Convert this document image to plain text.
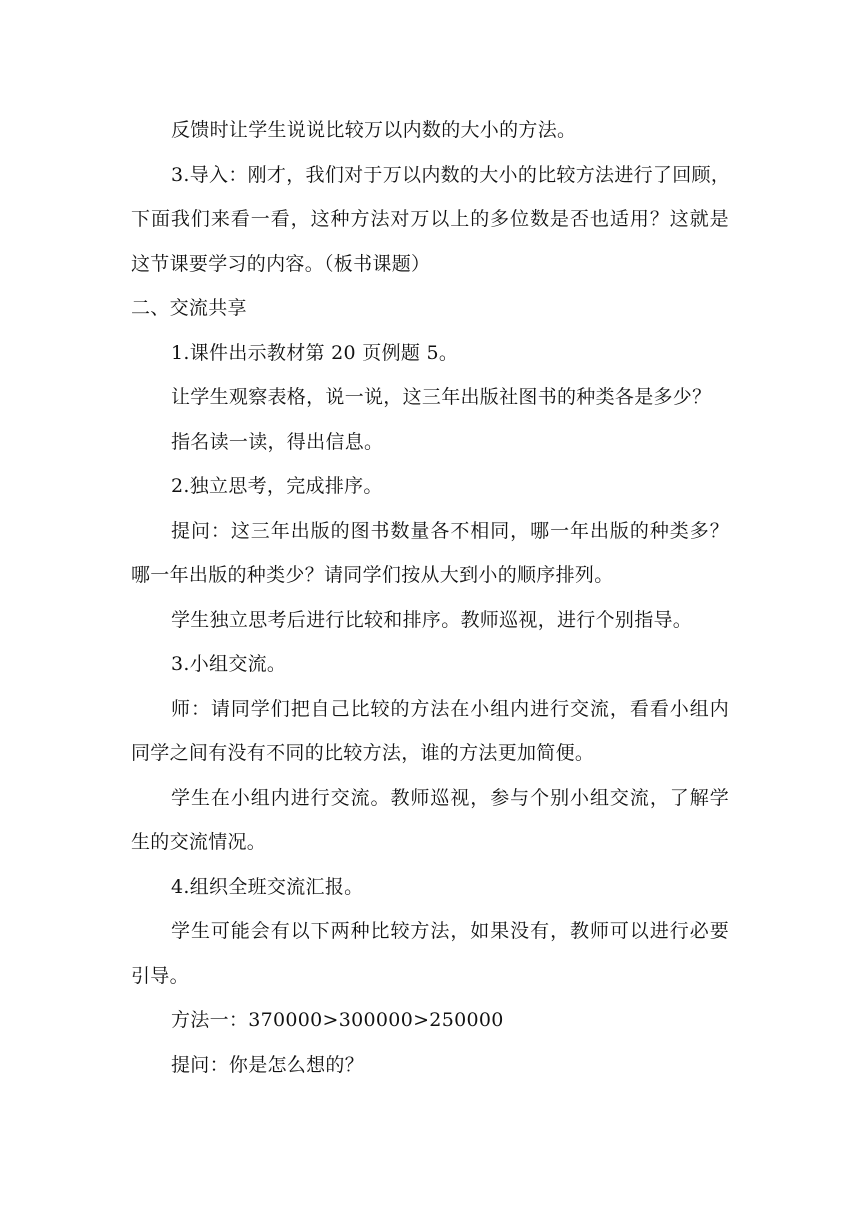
反馈时让学生说说比较万以内数的大小的方法。
3.导入：刚才，我们对于万以内数的大小的比较方法进行了回顾，
下面我们来看一看，这种方法对万以上的多位数是否也适用？这就是
这节课要学习的内容。（板书课题）
二、交流共享
1.课件出示教材第 20 页例题 5。
让学生观察表格，说一说，这三年出版社图书的种类各是多少？
指名读一读，得出信息。
2.独立思考，完成排序。
提问：这三年出版的图书数量各不相同，哪一年出版的种类多？
哪一年出版的种类少？请同学们按从大到小的顺序排列。
学生独立思考后进行比较和排序。教师巡视，进行个别指导。
3.小组交流。
师：请同学们把自己比较的方法在小组内进行交流，看看小组内
同学之间有没有不同的比较方法，谁的方法更加简便。
学生在小组内进行交流。教师巡视，参与个别小组交流，了解学
生的交流情况。
4.组织全班交流汇报。
学生可能会有以下两种比较方法，如果没有，教师可以进行必要
引导。
方法一：370000>300000>250000
提问：你是怎么想的？
